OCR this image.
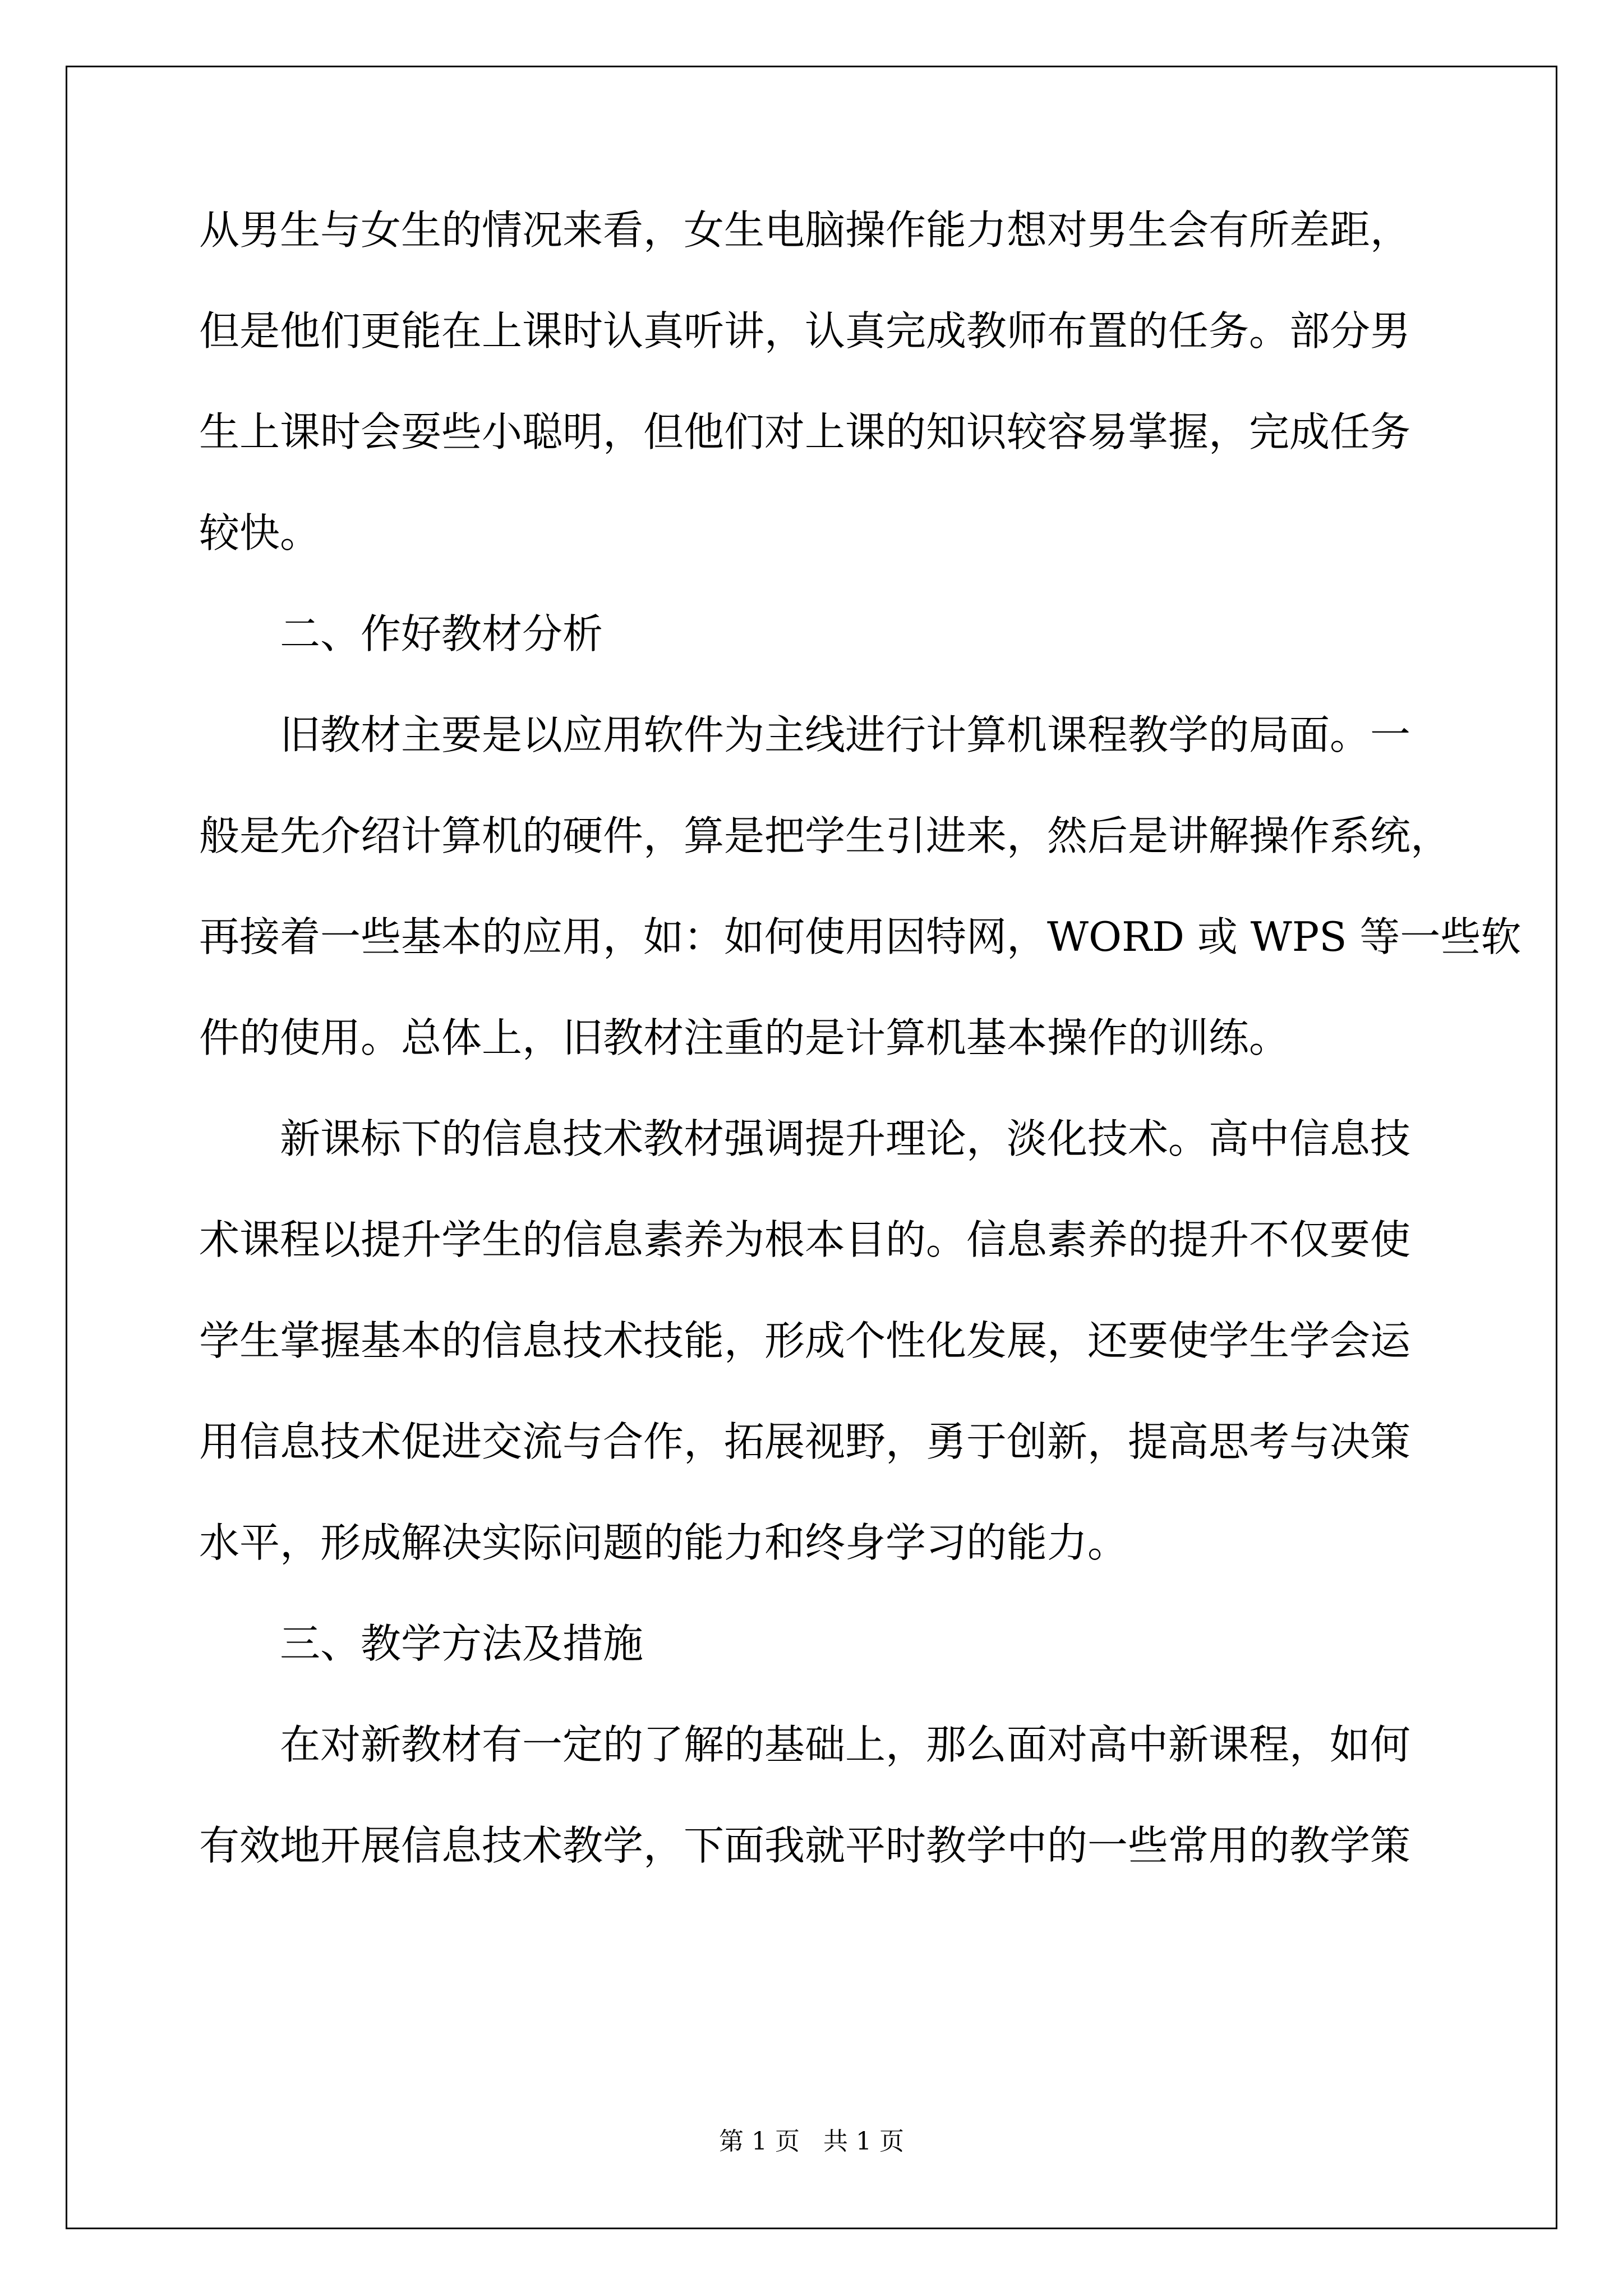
从男生与女生的情况来看，女生电脑操作能力想对男生会有所差距，
但是他们更能在上课时认真听讲，认真完成教师布置的任务。部分男
生上课时会耍些小聪明，但他们对上课的知识较容易掌握，完成任务
较快。
二、作好教材分析
旧教材主要是以应用软件为主线进行计算机课程教学的局面。一
般是先介绍计算机的硬件，算是把学生引进来，然后是讲解操作系统，
再接着一些基本的应用，如：如何使用因特网，WORD 或 WPS 等一些软
件的使用。总体上，旧教材注重的是计算机基本操作的训练。
新课标下的信息技术教材强调提升理论，淡化技术。高中信息技
术课程以提升学生的信息素养为根本目的。信息素养的提升不仅要使
学生掌握基本的信息技术技能，形成个性化发展，还要使学生学会运
用信息技术促进交流与合作，拓展视野，勇于创新，提高思考与决策
水平，形成解决实际问题的能力和终身学习的能力。
三、教学方法及措施
在对新教材有一定的了解的基础上，那么面对高中新课程，如何
有效地开展信息技术教学，下面我就平时教学中的一些常用的教学策
第 1 页   共 1 页
